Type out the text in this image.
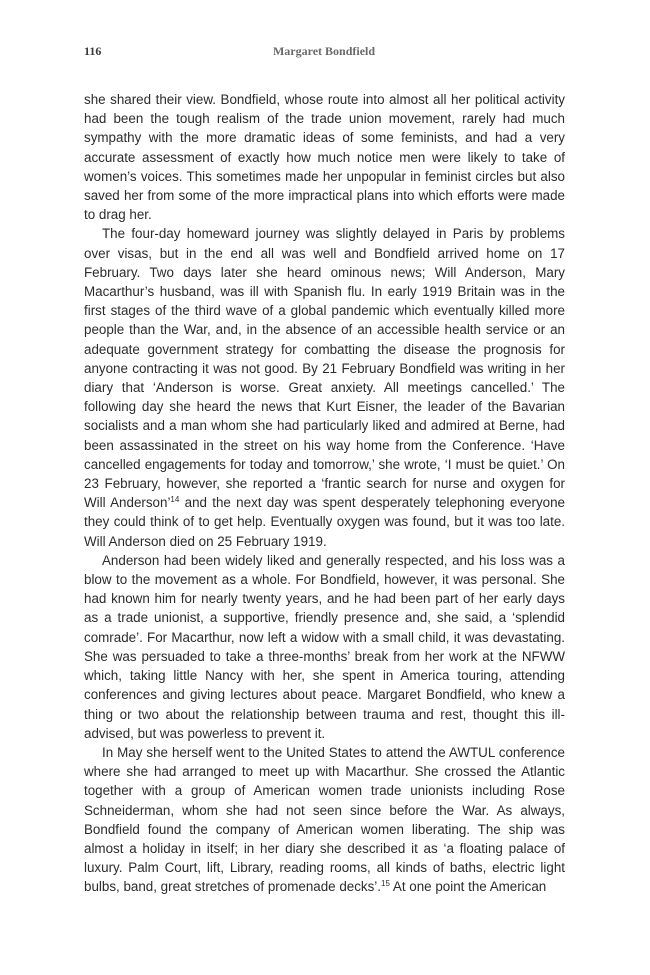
116	Margaret Bondfield

she shared their view. Bondfield, whose route into almost all her political activity had been the tough realism of the trade union movement, rarely had much sympathy with the more dramatic ideas of some feminists, and had a very accurate assessment of exactly how much notice men were likely to take of women’s voices. This sometimes made her unpopular in feminist circles but also saved her from some of the more impractical plans into which efforts were made to drag her.

The four-day homeward journey was slightly delayed in Paris by problems over visas, but in the end all was well and Bondfield arrived home on 17 February. Two days later she heard ominous news; Will Anderson, Mary Macarthur’s husband, was ill with Spanish flu. In early 1919 Britain was in the first stages of the third wave of a global pandemic which eventually killed more people than the War, and, in the absence of an accessible health service or an adequate government strategy for combatting the disease the prognosis for anyone contracting it was not good. By 21 February Bondfield was writing in her diary that ‘Anderson is worse. Great anxiety. All meetings cancelled.’ The following day she heard the news that Kurt Eisner, the leader of the Bavarian socialists and a man whom she had particularly liked and admired at Berne, had been assassinated in the street on his way home from the Conference. ‘Have cancelled engagements for today and tomorrow,’ she wrote, ‘I must be quiet.’ On 23 February, however, she reported a ‘frantic search for nurse and oxygen for Will Anderson’$^{14}$ and the next day was spent desperately telephoning everyone they could think of to get help. Eventually oxygen was found, but it was too late. Will Anderson died on 25 February 1919.

Anderson had been widely liked and generally respected, and his loss was a blow to the movement as a whole. For Bondfield, however, it was personal. She had known him for nearly twenty years, and he had been part of her early days as a trade unionist, a supportive, friendly presence and, she said, a ‘splendid comrade’. For Macarthur, now left a widow with a small child, it was devastating. She was persuaded to take a three-months’ break from her work at the NFWW which, taking little Nancy with her, she spent in America touring, attending conferences and giving lectures about peace. Margaret Bondfield, who knew a thing or two about the relationship between trauma and rest, thought this ill-advised, but was powerless to prevent it.

In May she herself went to the United States to attend the AWTUL conference where she had arranged to meet up with Macarthur. She crossed the Atlantic together with a group of American women trade unionists including Rose Schneiderman, whom she had not seen since before the War. As always, Bondfield found the company of American women liberating. The ship was almost a holiday in itself; in her diary she described it as ‘a floating palace of luxury. Palm Court, lift, Library, reading rooms, all kinds of baths, electric light bulbs, band, great stretches of promenade decks’.$^{15}$ At one point the American
